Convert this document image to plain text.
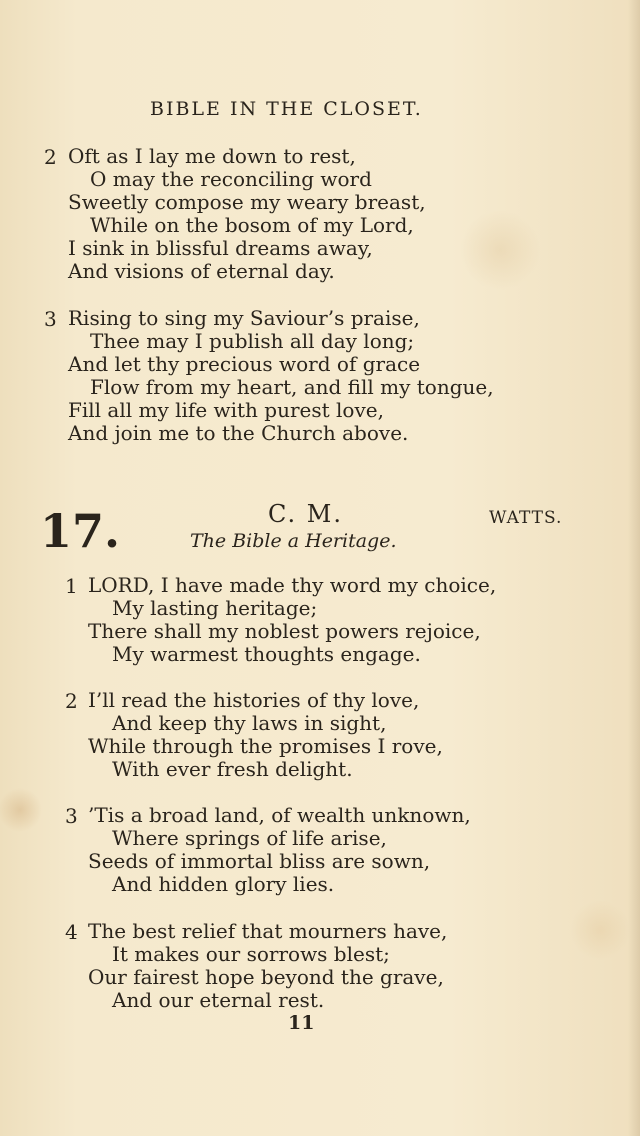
BIBLE IN THE CLOSET.
2 Oft as I lay me down to rest,
O may the reconciling word
Sweetly compose my weary breast,
While on the bosom of my Lord,
I sink in blissful dreams away,
And visions of eternal day.
3 Rising to sing my Saviour’s praise,
Thee may I publish all day long;
And let thy precious word of grace
Flow from my heart, and fill my tongue,
Fill all my life with purest love,
And join me to the Church above.
17.	C. M.	WATTS.
The Bible a Heritage.
1 LORD, I have made thy word my choice,
My lasting heritage;
There shall my noblest powers rejoice,
My warmest thoughts engage.
2 I’ll read the histories of thy love,
And keep thy laws in sight,
While through the promises I rove,
With ever fresh delight.
3 ’Tis a broad land, of wealth unknown,
Where springs of life arise,
Seeds of immortal bliss are sown,
And hidden glory lies.
4 The best relief that mourners have,
It makes our sorrows blest;
Our fairest hope beyond the grave,
And our eternal rest.
11
